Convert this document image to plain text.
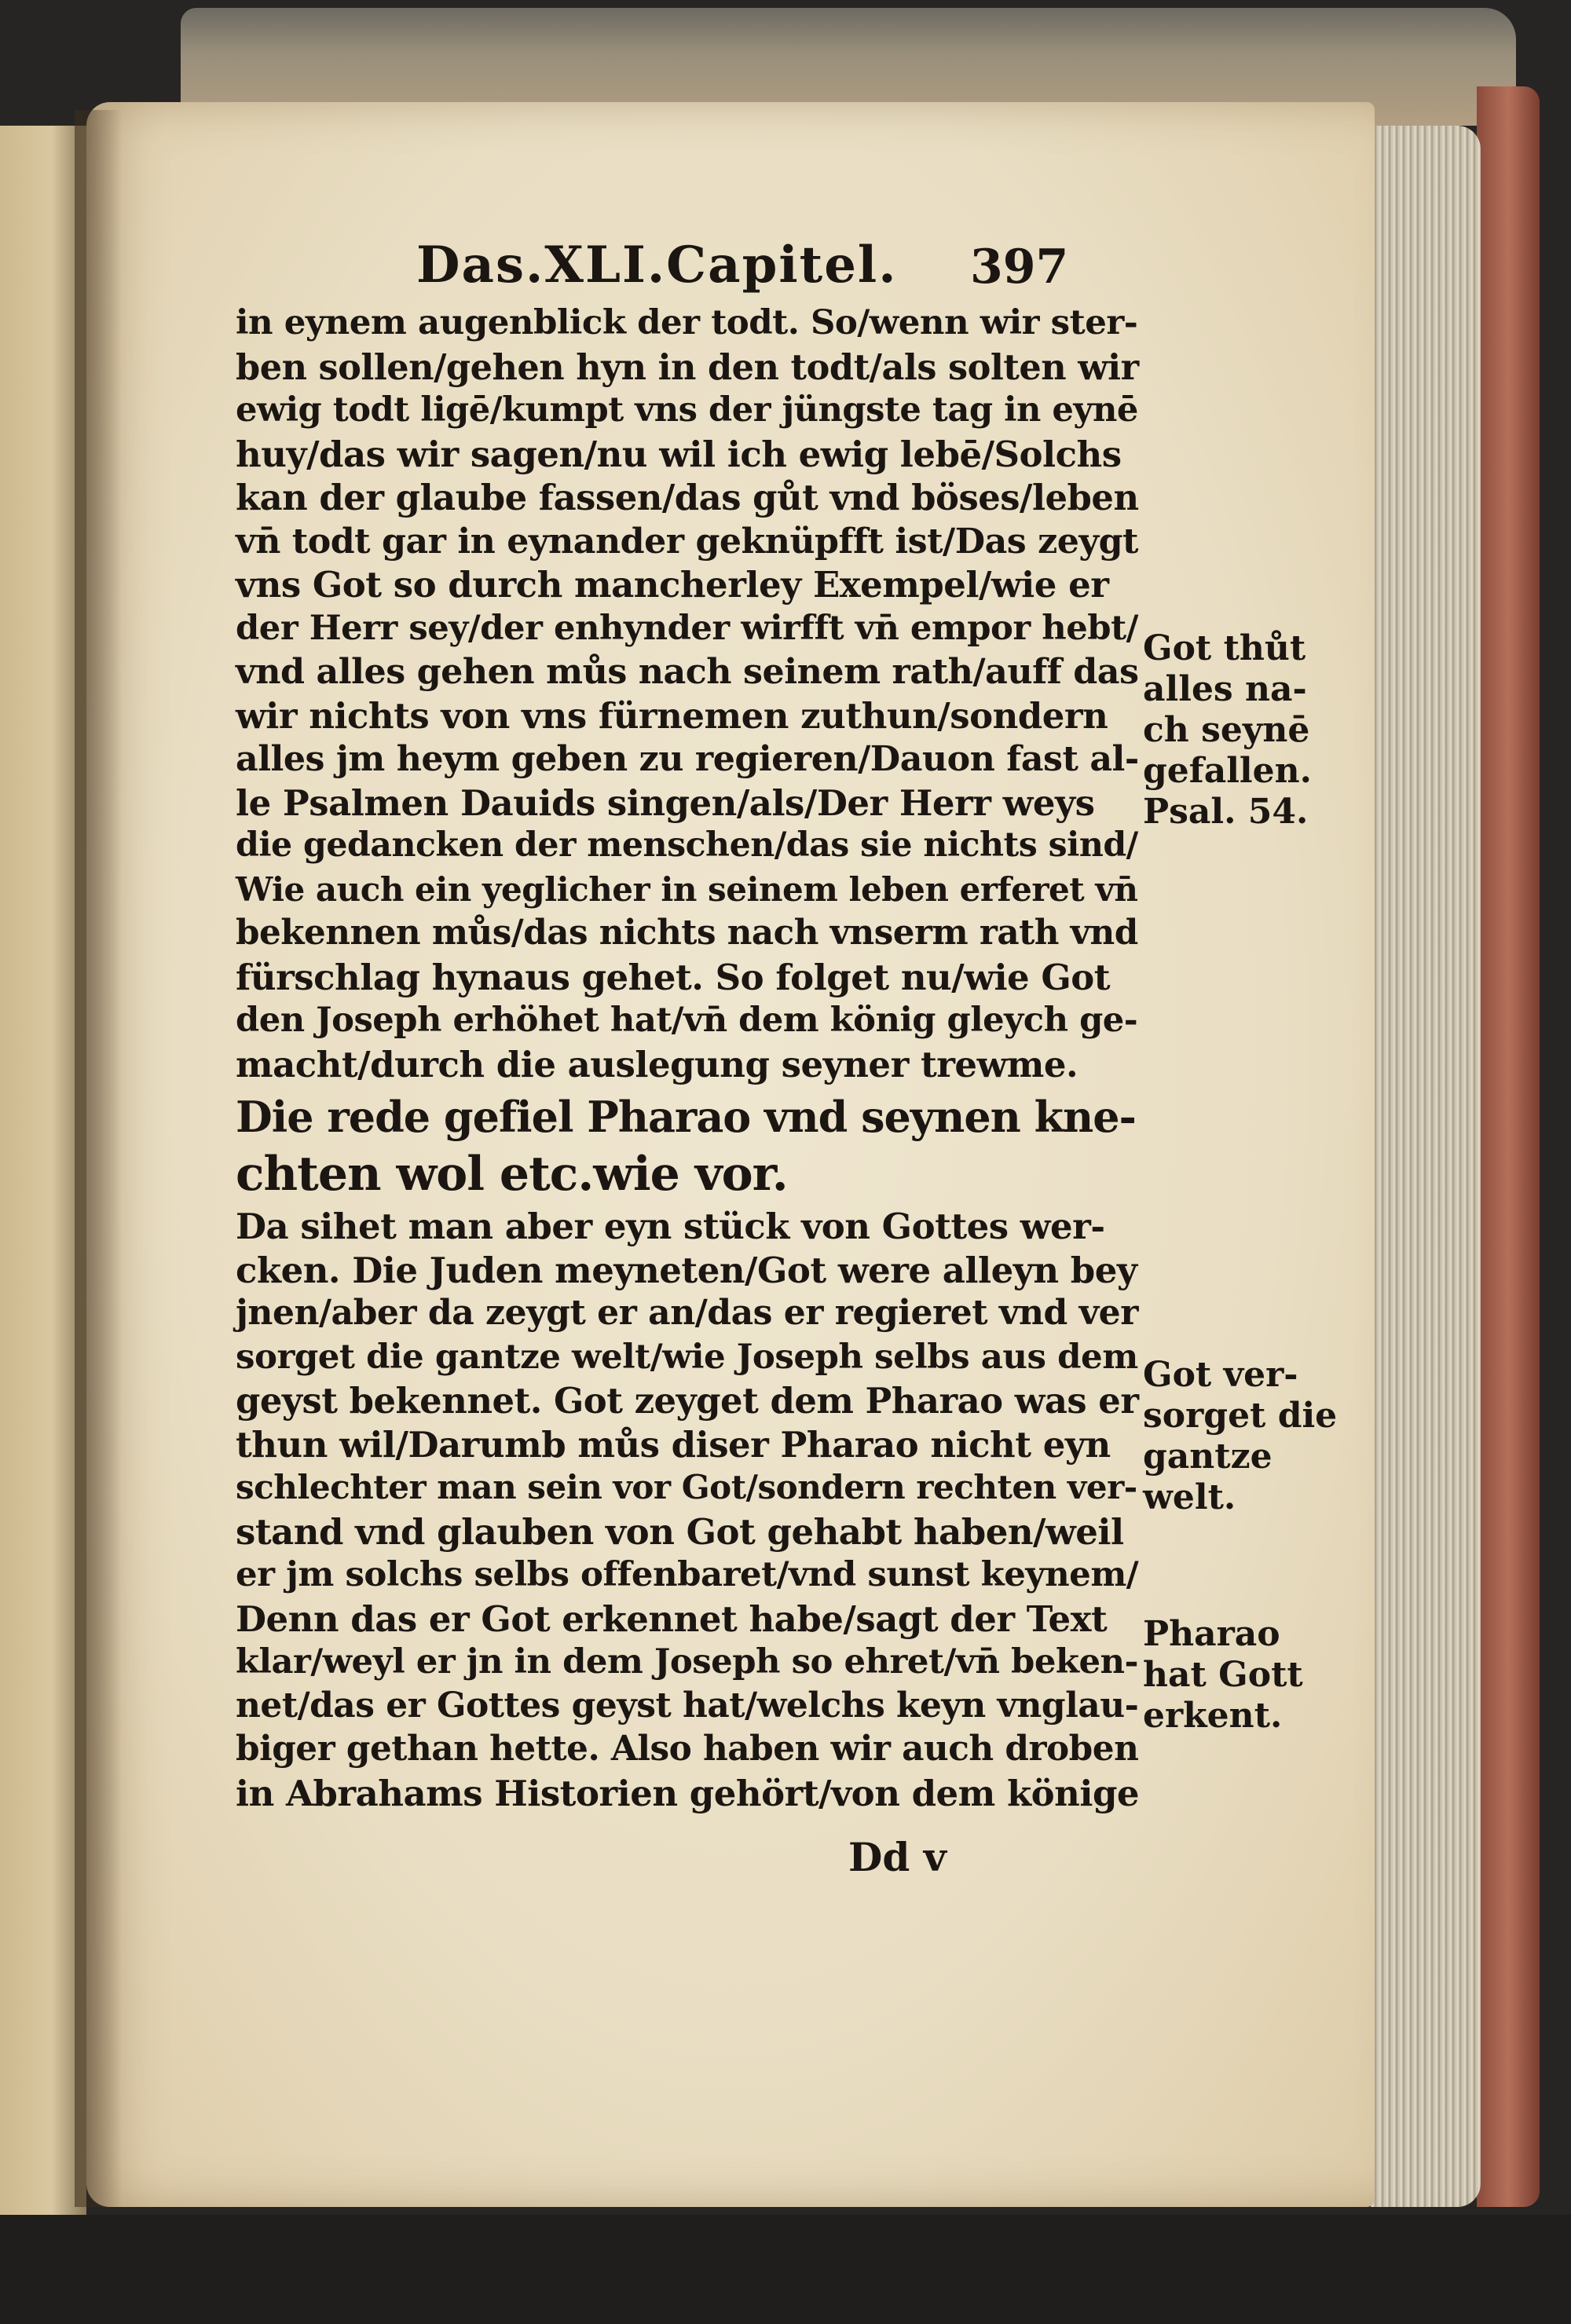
Das.XLI.Capitel. 397
in eynem augenblick der todt. So/wenn wir ster-
ben sollen/gehen hyn in den todt/als solten wir
ewig todt ligē/kumpt vns der jüngste tag in eynē
huy/das wir sagen/nu wil ich ewig lebē/Solchs
kan der glaube fassen/das gůt vnd böses/leben
vn̄ todt gar in eynander geknüpfft ist/Das zeygt
vns Got so durch mancherley Exempel/wie er
der Herr sey/der enhynder wirfft vn̄ empor hebt/
vnd alles gehen můs nach seinem rath/auff das
wir nichts von vns fürnemen zuthun/sondern
alles jm heym geben zu regieren/Dauon fast al-
le Psalmen Dauids singen/als/Der Herr weys
die gedancken der menschen/das sie nichts sind/
Wie auch ein yeglicher in seinem leben erferet vn̄
bekennen můs/das nichts nach vnserm rath vnd
fürschlag hynaus gehet. So folget nu/wie Got
den Joseph erhöhet hat/vn̄ dem könig gleych ge-
macht/durch die auslegung seyner trewme.
Die rede gefiel Pharao vnd seynen kne-
chten wol etc.wie vor.
Da sihet man aber eyn stück von Gottes wer-
cken. Die Juden meyneten/Got were alleyn bey
jnen/aber da zeygt er an/das er regieret vnd ver
sorget die gantze welt/wie Joseph selbs aus dem
geyst bekennet. Got zeyget dem Pharao was er
thun wil/Darumb můs diser Pharao nicht eyn
schlechter man sein vor Got/sondern rechten ver-
stand vnd glauben von Got gehabt haben/weil
er jm solchs selbs offenbaret/vnd sunst keynem/
Denn das er Got erkennet habe/sagt der Text
klar/weyl er jn in dem Joseph so ehret/vn̄ beken-
net/das er Gottes geyst hat/welchs keyn vnglau-
biger gethan hette. Also haben wir auch droben
in Abrahams Historien gehört/von dem könige
Got thůt
alles na-
ch seynē
gefallen.
Psal. 54.
Got ver-
sorget die
gantze
welt.
Pharao
hat Gott
erkent.
Dd v
